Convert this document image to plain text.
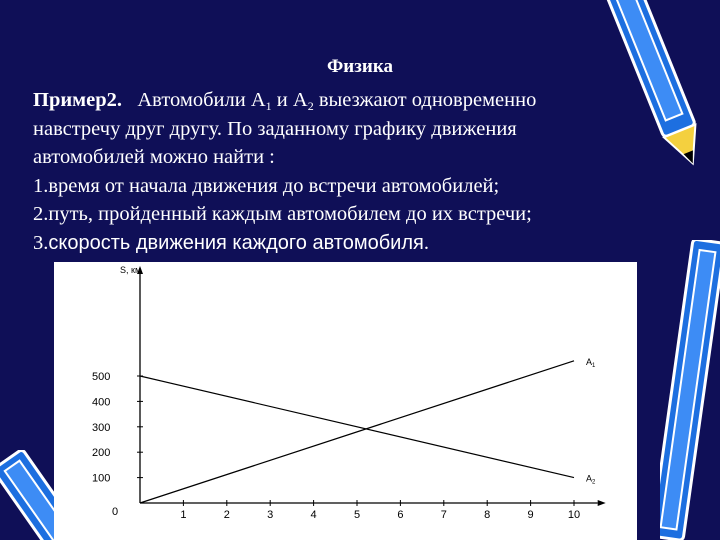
Физика
Пример2. Автомобили $А_1$ и $А_2$ выезжают одновременно
навстречу друг другу. По заданному графику движения
автомобилей можно найти :
1.время от начала движения до встречи автомобилей;
2.путь, пройденный каждым автомобилем до их встречи;
3.скорость движения каждого автомобиля.
S, км
0	1	2	3	4	5	6	7	8	9	10
100
200
300
400
500
$A_1$
$A_2$
